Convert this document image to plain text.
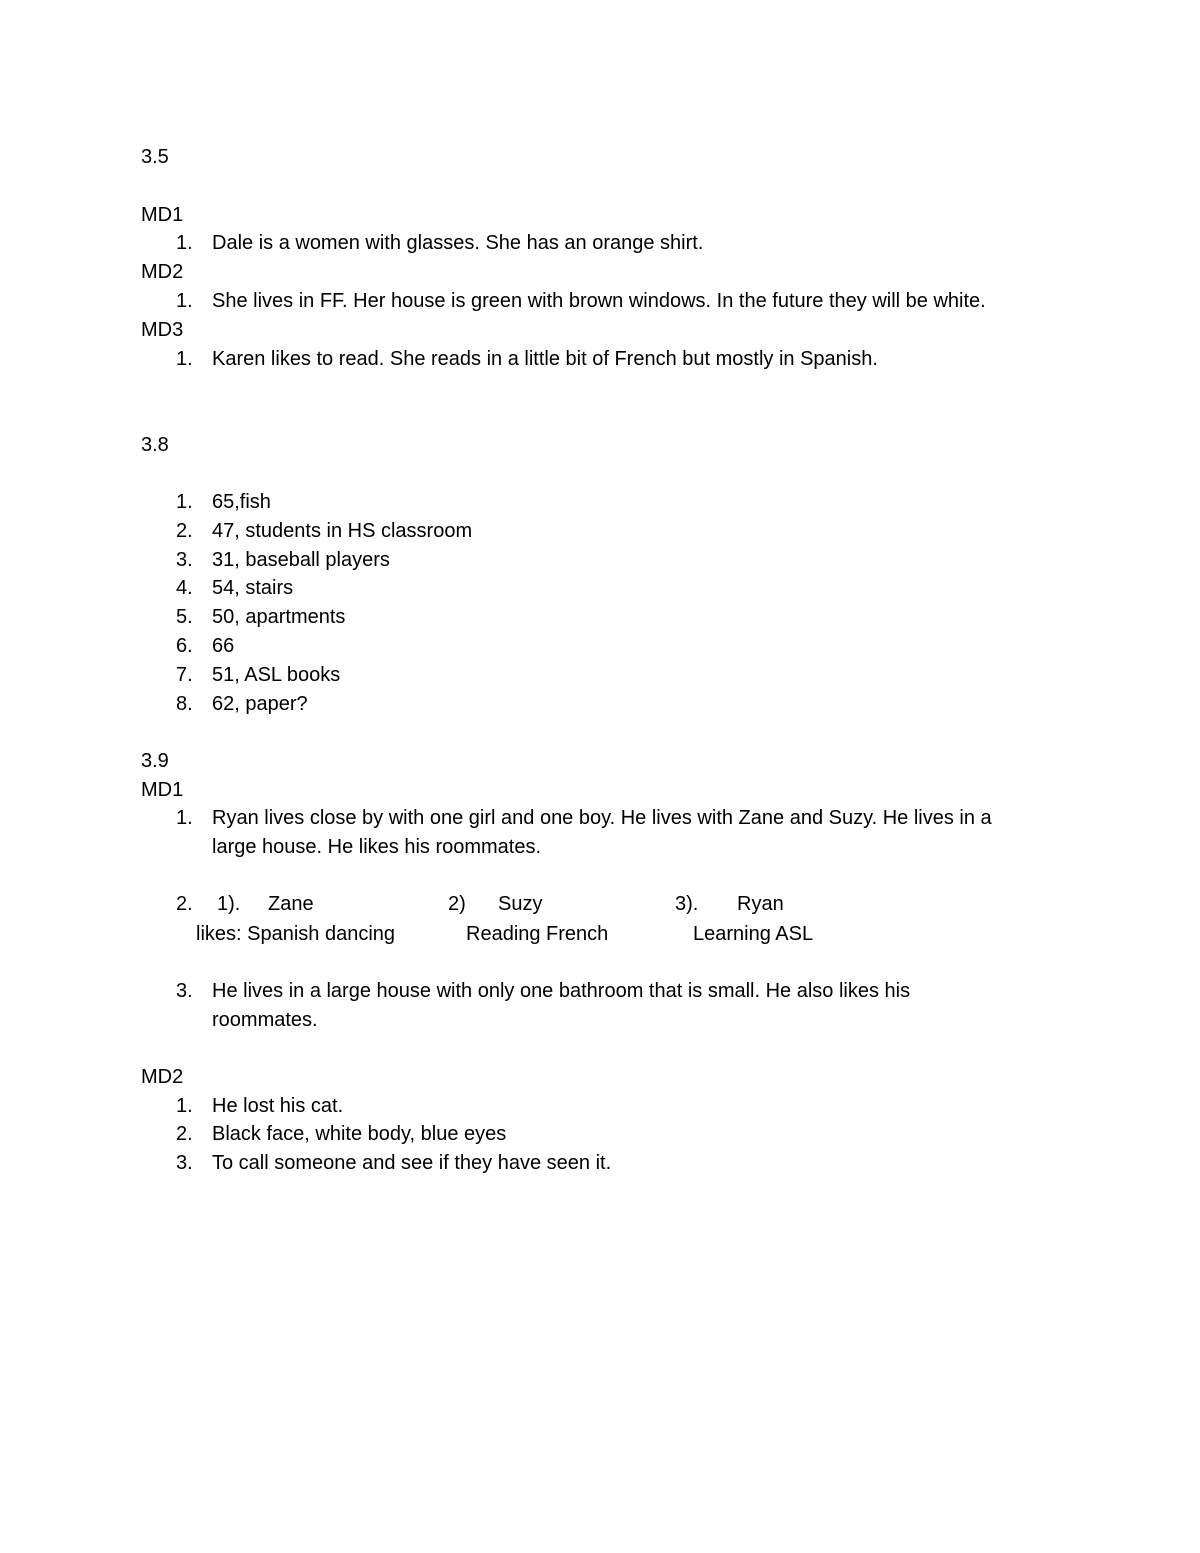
3.5
MD1
1. Dale is a women with glasses. She has an orange shirt.
MD2
1. She lives in FF. Her house is green with brown windows. In the future they will be white.
MD3
1. Karen likes to read. She reads in a little bit of French but mostly in Spanish.
3.8
1. 65,fish
2. 47, students in HS classroom
3. 31, baseball players
4. 54, stairs
5. 50, apartments
6. 66
7. 51, ASL books
8. 62, paper?
3.9
MD1
1. Ryan lives close by with one girl and one boy. He lives with Zane and Suzy. He lives in a
large house. He likes his roommates.
2. 1). Zane	2) Suzy	3). Ryan
likes: Spanish dancing	Reading French	Learning ASL
3. He lives in a large house with only one bathroom that is small. He also likes his
roommates.
MD2
1. He lost his cat.
2. Black face, white body, blue eyes
3. To call someone and see if they have seen it.
